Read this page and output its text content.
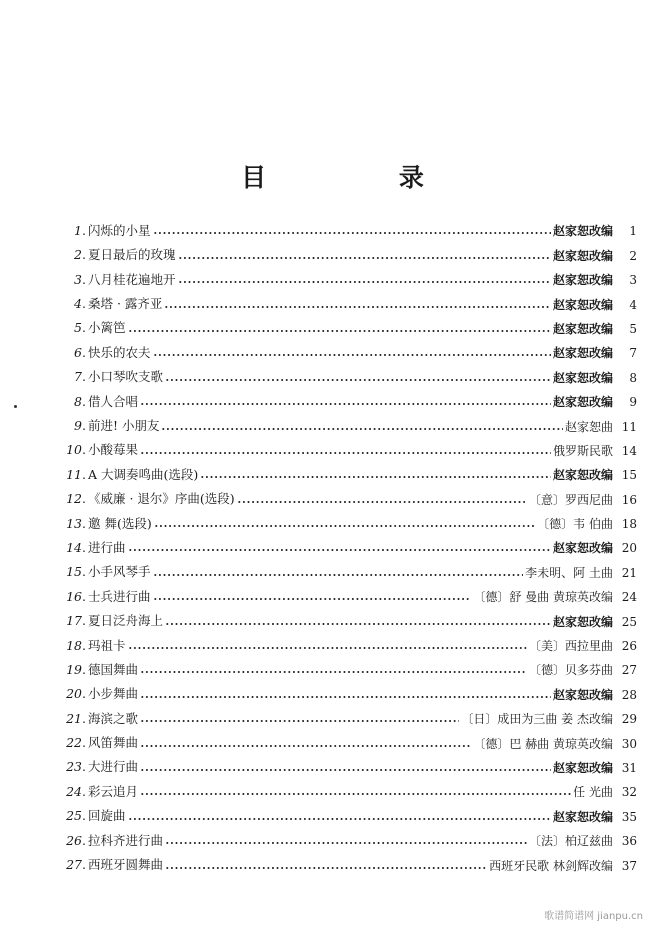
目 录
1 . 闪烁的小星	赵家恕改编	1
2 . 夏日最后的玫瑰	赵家恕改编	2
3 . 八月桂花遍地开	赵家恕改编	3
4 . 桑塔 · 露齐亚	赵家恕改编	4
5 . 小篱笆	赵家恕改编	5
6 . 快乐的农夫	赵家恕改编	7
7 . 小口琴吹支歌	赵家恕改编	8
8 . 借人合唱	赵家恕改编	9
9 . 前进! 小朋友	赵家恕曲 11
10 . 小酸莓果	俄罗斯民歌 14
11 . A 大调奏鸣曲(选段)	赵家恕改编 15
12 . 《威廉 · 退尔》序曲(选段)	〔意〕罗西尼曲 16
13 . 邀 舞(选段)	〔德〕韦 伯曲 18
14 . 进行曲	赵家恕改编 20
15 . 小手风琴手	李未明、阿 土曲 21
16 . 士兵进行曲	〔德〕舒 曼曲 黄琼英改编 24
17 . 夏日泛舟海上	赵家恕改编 25
18 . 玛祖卡	〔美〕西拉里曲 26
19 . 德国舞曲	〔德〕贝多芬曲 27
20 . 小步舞曲	赵家恕改编 28
21 . 海滨之歌	〔日〕成田为三曲 姜 杰改编 29
22 . 风笛舞曲	〔德〕巴 赫曲 黄琼英改编 30
23 . 大进行曲	赵家恕改编 31
24 . 彩云追月	任 光曲 32
25 . 回旋曲	赵家恕改编 35
26 . 拉科齐进行曲	〔法〕柏辽兹曲 36
27 . 西班牙圆舞曲	西班牙民歌 林剑辉改编 37
歌谱简谱网 jianpu.cn
